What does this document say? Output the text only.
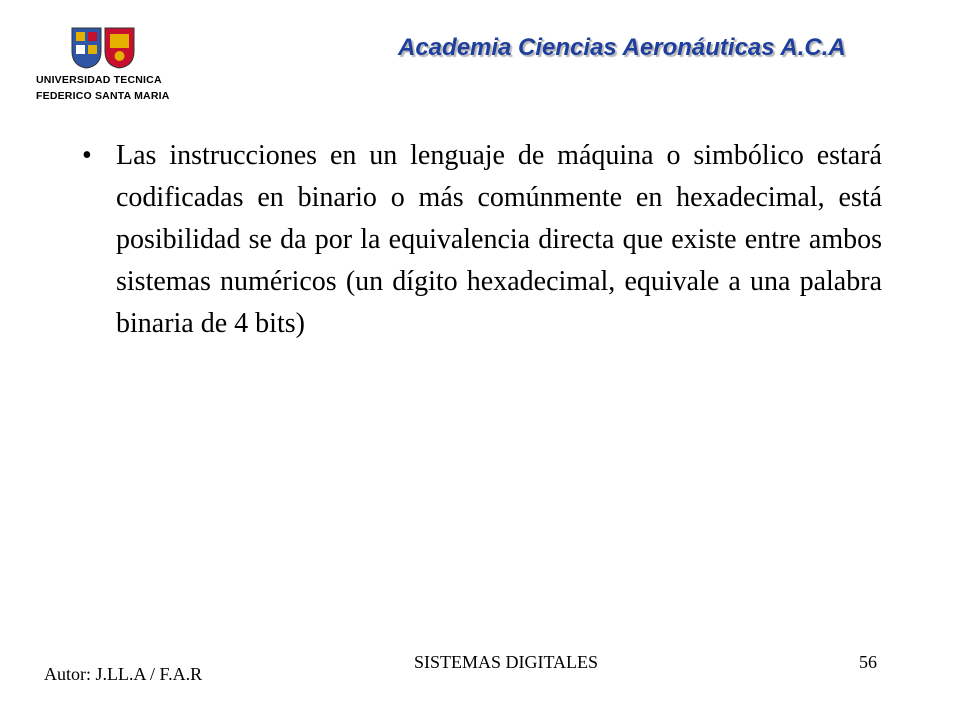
UNIVERSIDAD TECNICA
FEDERICO SANTA MARIA
Academia Ciencias Aeronáuticas A.C.A
• Las instrucciones en un lenguaje de máquina o simbólico estará codificadas en binario o más comúnmente en hexadecimal, está posibilidad se da por la equivalencia directa que existe entre ambos sistemas numéricos (un dígito hexadecimal, equivale a una palabra binaria de 4 bits)
Autor: J.LL.A / F.A.R
SISTEMAS DIGITALES	56
